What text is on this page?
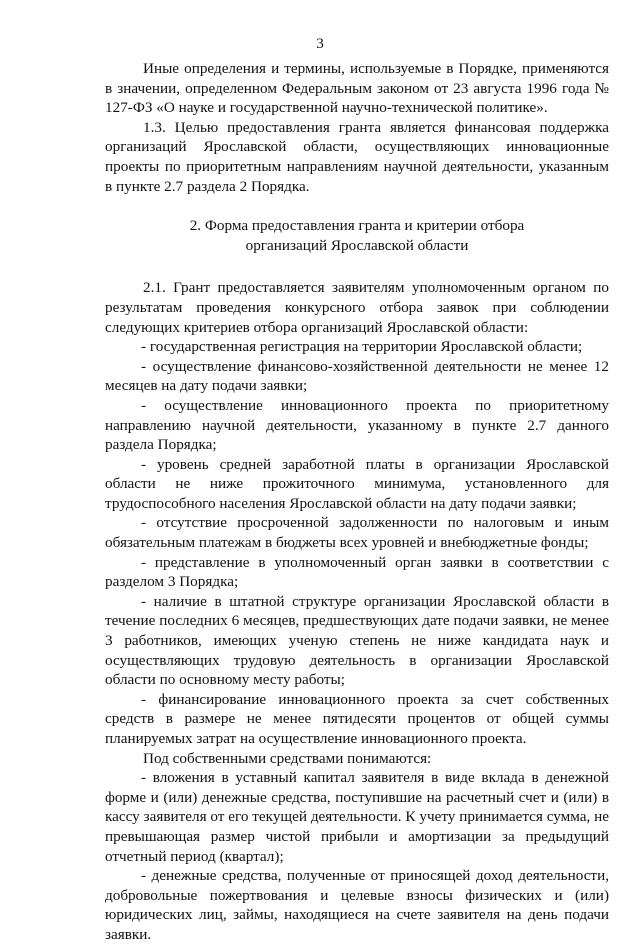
3

Иные определения и термины, используемые в Порядке, применяются в значении, определенном Федеральным законом от 23 августа 1996 года № 127-ФЗ «О науке и государственной научно-технической политике».

1.3. Целью предоставления гранта является финансовая поддержка организаций Ярославской области, осуществляющих инновационные проекты по приоритетным направлениям научной деятельности, указанным в пункте 2.7 раздела 2 Порядка.

2. Форма предоставления гранта и критерии отбора
организаций Ярославской области

2.1. Грант предоставляется заявителям уполномоченным органом по результатам проведения конкурсного отбора заявок при соблюдении следующих критериев отбора организаций Ярославской области:

- государственная регистрация на территории Ярославской области;

- осуществление финансово-хозяйственной деятельности не менее 12 месяцев на дату подачи заявки;

- осуществление инновационного проекта по приоритетному направлению научной деятельности, указанному в пункте 2.7 данного раздела Порядка;

- уровень средней заработной платы в организации Ярославской области не ниже прожиточного минимума, установленного для трудоспособного населения Ярославской области на дату подачи заявки;

- отсутствие просроченной задолженности по налоговым и иным обязательным платежам в бюджеты всех уровней и внебюджетные фонды;

- представление в уполномоченный орган заявки в соответствии с разделом 3 Порядка;

- наличие в штатной структуре организации Ярославской области в течение последних 6 месяцев, предшествующих дате подачи заявки, не менее 3 работников, имеющих ученую степень не ниже кандидата наук и осуществляющих трудовую деятельность в организации Ярославской области по основному месту работы;

- финансирование инновационного проекта за счет собственных средств в размере не менее пятидесяти процентов от общей суммы планируемых затрат на осуществление инновационного проекта.

Под собственными средствами понимаются:

- вложения в уставный капитал заявителя в виде вклада в денежной форме и (или) денежные средства, поступившие на расчетный счет и (или) в кассу заявителя от его текущей деятельности. К учету принимается сумма, не превышающая размер чистой прибыли и амортизации за предыдущий отчетный период (квартал);

- денежные средства, полученные от приносящей доход деятельности, добровольные пожертвования и целевые взносы физических и (или) юридических лиц, займы, находящиеся на счете заявителя на день подачи заявки.
